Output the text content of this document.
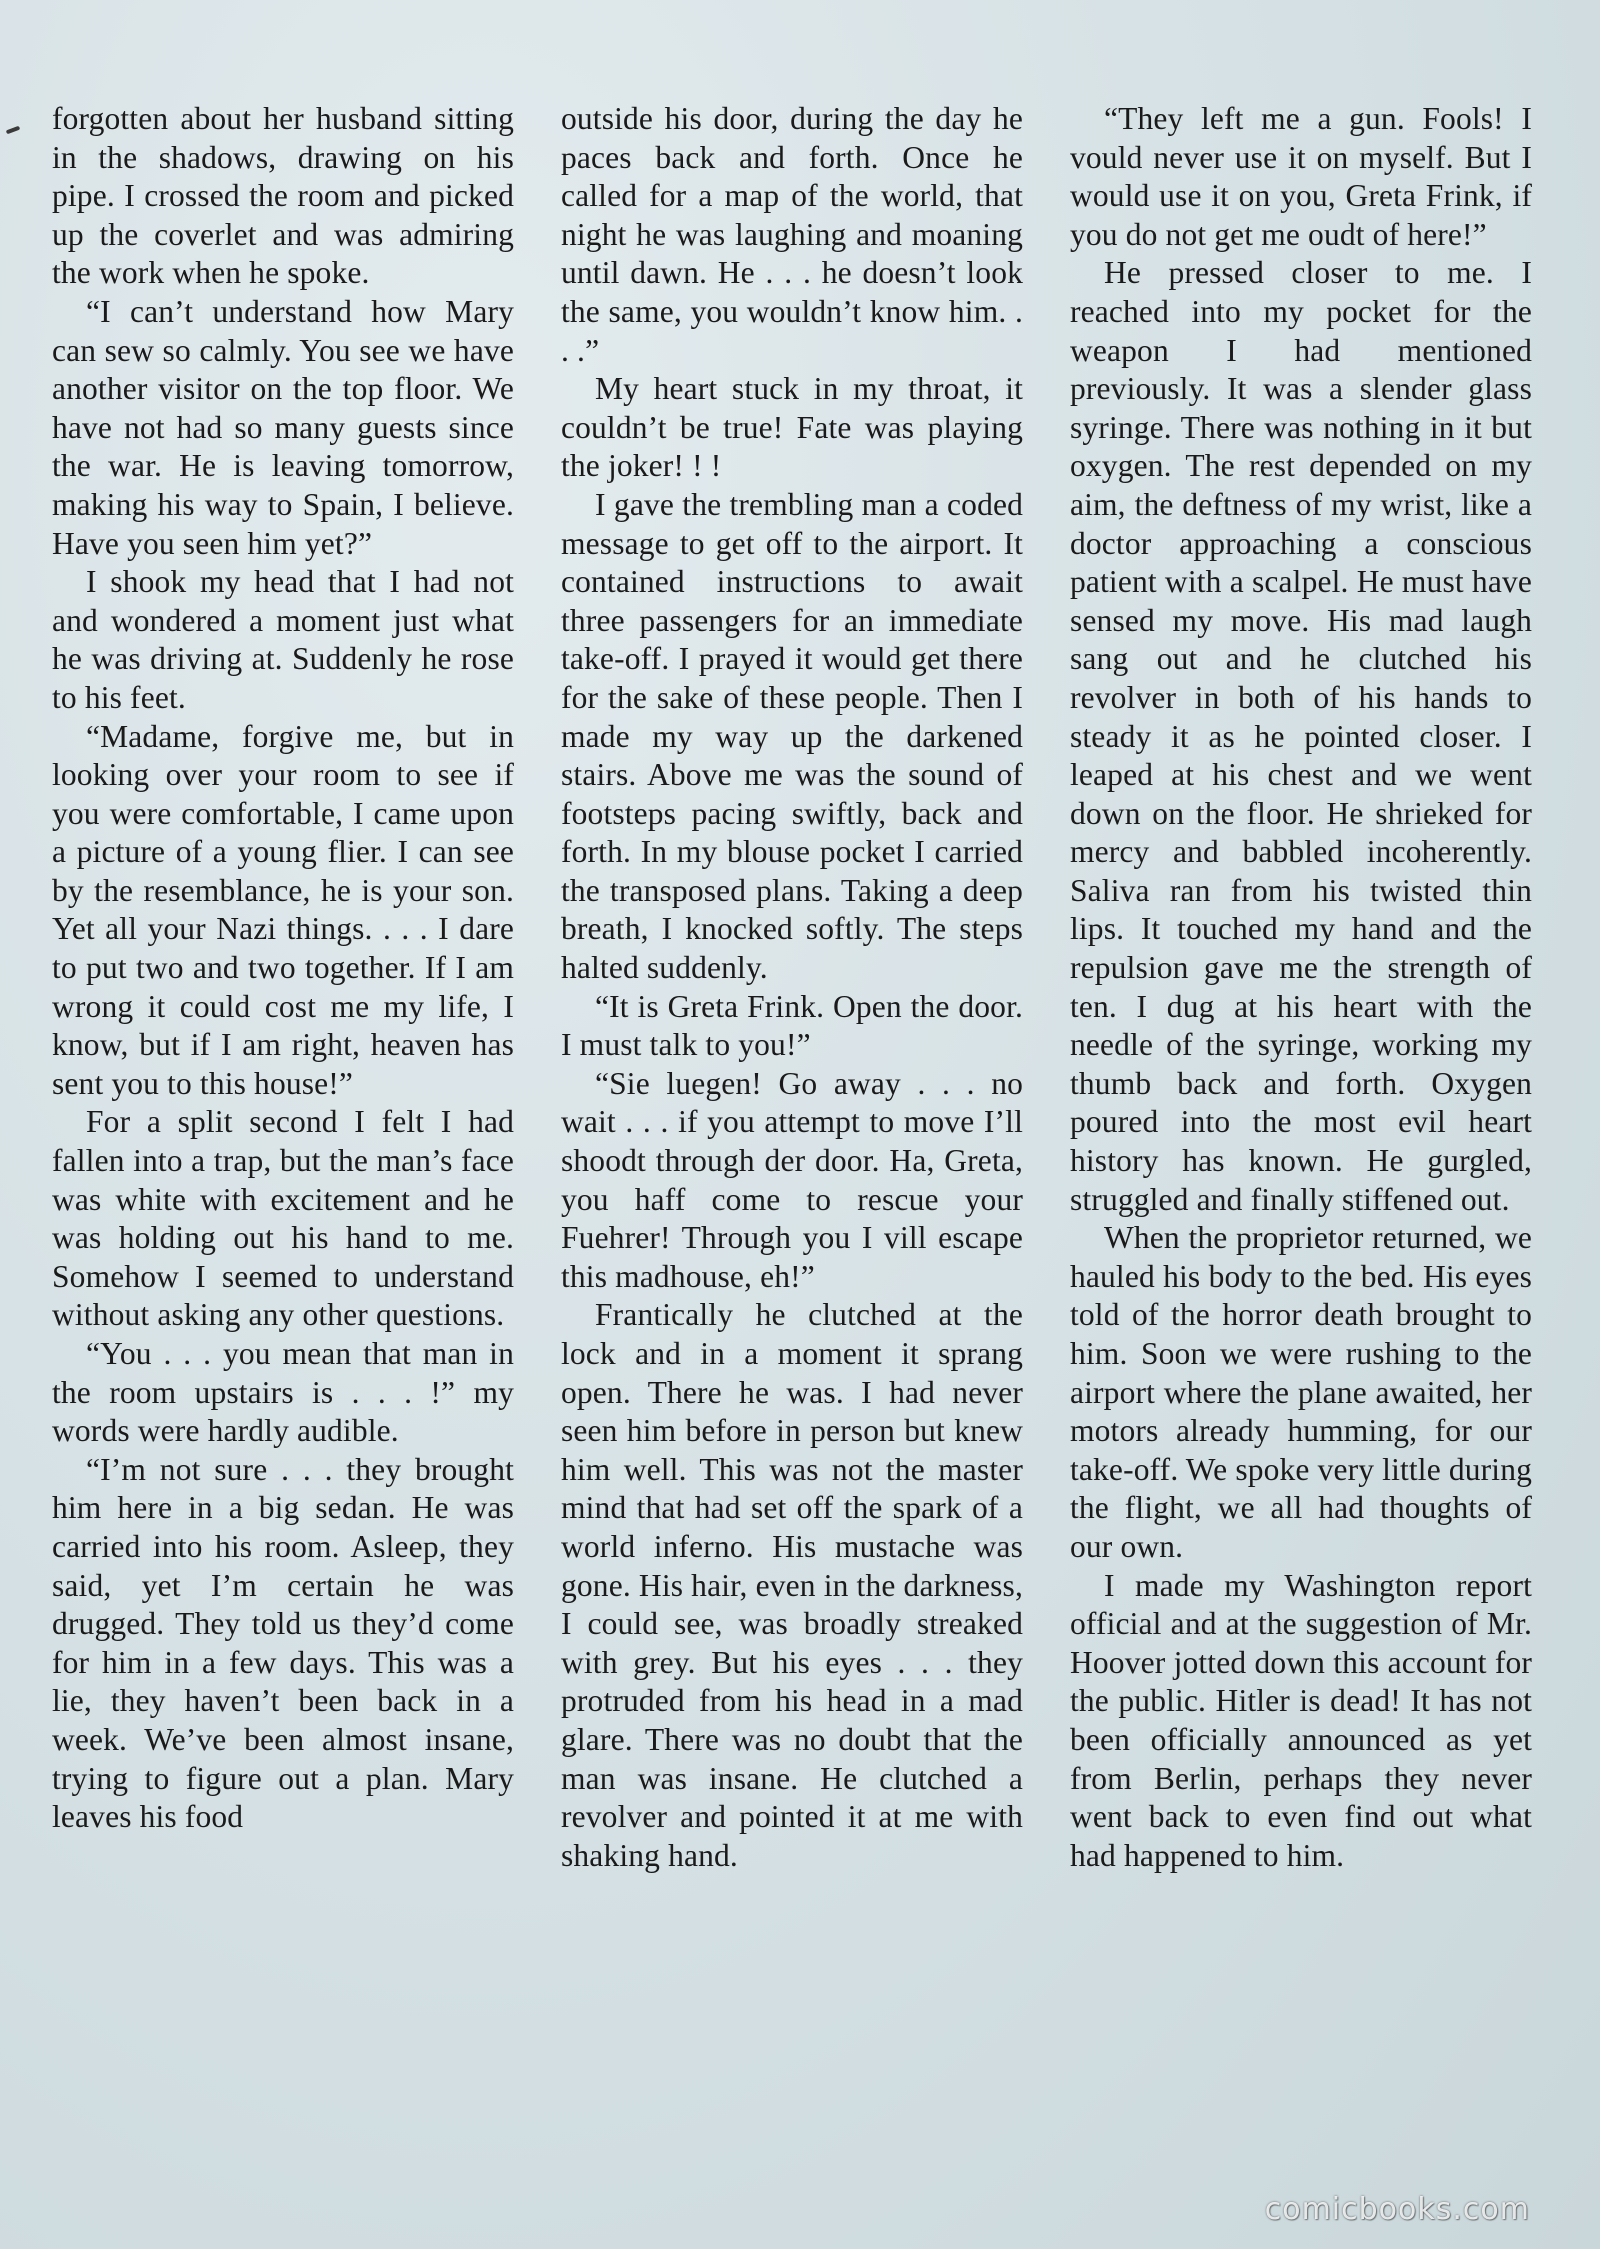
forgotten about her husband sitting in the shadows, drawing on his pipe. I crossed the room and picked up the coverlet and was admiring the work when he spoke.

“I can’t understand how Mary can sew so calmly. You see we have another visitor on the top floor. We have not had so many guests since the war. He is leaving tomorrow, making his way to Spain, I believe. Have you seen him yet?”

I shook my head that I had not and wondered a moment just what he was driving at. Suddenly he rose to his feet.

“Madame, forgive me, but in looking over your room to see if you were comfortable, I came upon a picture of a young flier. I can see by the resemblance, he is your son. Yet all your Nazi things. . . . I dare to put two and two together. If I am wrong it could cost me my life, I know, but if I am right, heaven has sent you to this house!”

For a split second I felt I had fallen into a trap, but the man’s face was white with excitement and he was holding out his hand to me. Somehow I seemed to understand without asking any other questions.

“You . . . you mean that man in the room upstairs is . . . !” my words were hardly audible.

“I’m not sure . . . they brought him here in a big sedan. He was carried into his room. Asleep, they said, yet I’m certain he was drugged. They told us they’d come for him in a few days. This was a lie, they haven’t been back in a week. We’ve been almost insane, trying to figure out a plan. Mary leaves his food

outside his door, during the day he paces back and forth. Once he called for a map of the world, that night he was laughing and moaning until dawn. He . . . he doesn’t look the same, you wouldn’t know him. . . .”

My heart stuck in my throat, it couldn’t be true! Fate was playing the joker! ! !

I gave the trembling man a coded message to get off to the airport. It contained instructions to await three passengers for an immediate take-off. I prayed it would get there for the sake of these people. Then I made my way up the darkened stairs. Above me was the sound of footsteps pacing swiftly, back and forth. In my blouse pocket I carried the transposed plans. Taking a deep breath, I knocked softly. The steps halted suddenly.

“It is Greta Frink. Open the door. I must talk to you!”

“Sie luegen! Go away . . . no wait . . . if you attempt to move I’ll shoodt through der door. Ha, Greta, you haff come to rescue your Fuehrer! Through you I vill escape this madhouse, eh!”

Frantically he clutched at the lock and in a moment it sprang open. There he was. I had never seen him before in person but knew him well. This was not the master mind that had set off the spark of a world inferno. His mustache was gone. His hair, even in the darkness, I could see, was broadly streaked with grey. But his eyes . . . they protruded from his head in a mad glare. There was no doubt that the man was insane. He clutched a revolver and pointed it at me with shaking hand.

“They left me a gun. Fools! I vould never use it on myself. But I would use it on you, Greta Frink, if you do not get me oudt of here!”

He pressed closer to me. I reached into my pocket for the weapon I had mentioned previously. It was a slender glass syringe. There was nothing in it but oxygen. The rest depended on my aim, the deftness of my wrist, like a doctor approaching a conscious patient with a scalpel. He must have sensed my move. His mad laugh sang out and he clutched his revolver in both of his hands to steady it as he pointed closer. I leaped at his chest and we went down on the floor. He shrieked for mercy and babbled incoherently. Saliva ran from his twisted thin lips. It touched my hand and the repulsion gave me the strength of ten. I dug at his heart with the needle of the syringe, working my thumb back and forth. Oxygen poured into the most evil heart history has known. He gurgled, struggled and finally stiffened out.

When the proprietor returned, we hauled his body to the bed. His eyes told of the horror death brought to him. Soon we were rushing to the airport where the plane awaited, her motors already humming, for our take-off. We spoke very little during the flight, we all had thoughts of our own.

I made my Washington report official and at the suggestion of Mr. Hoover jotted down this account for the public. Hitler is dead! It has not been officially announced as yet from Berlin, perhaps they never went back to even find out what had happened to him.

comicbooks.com
